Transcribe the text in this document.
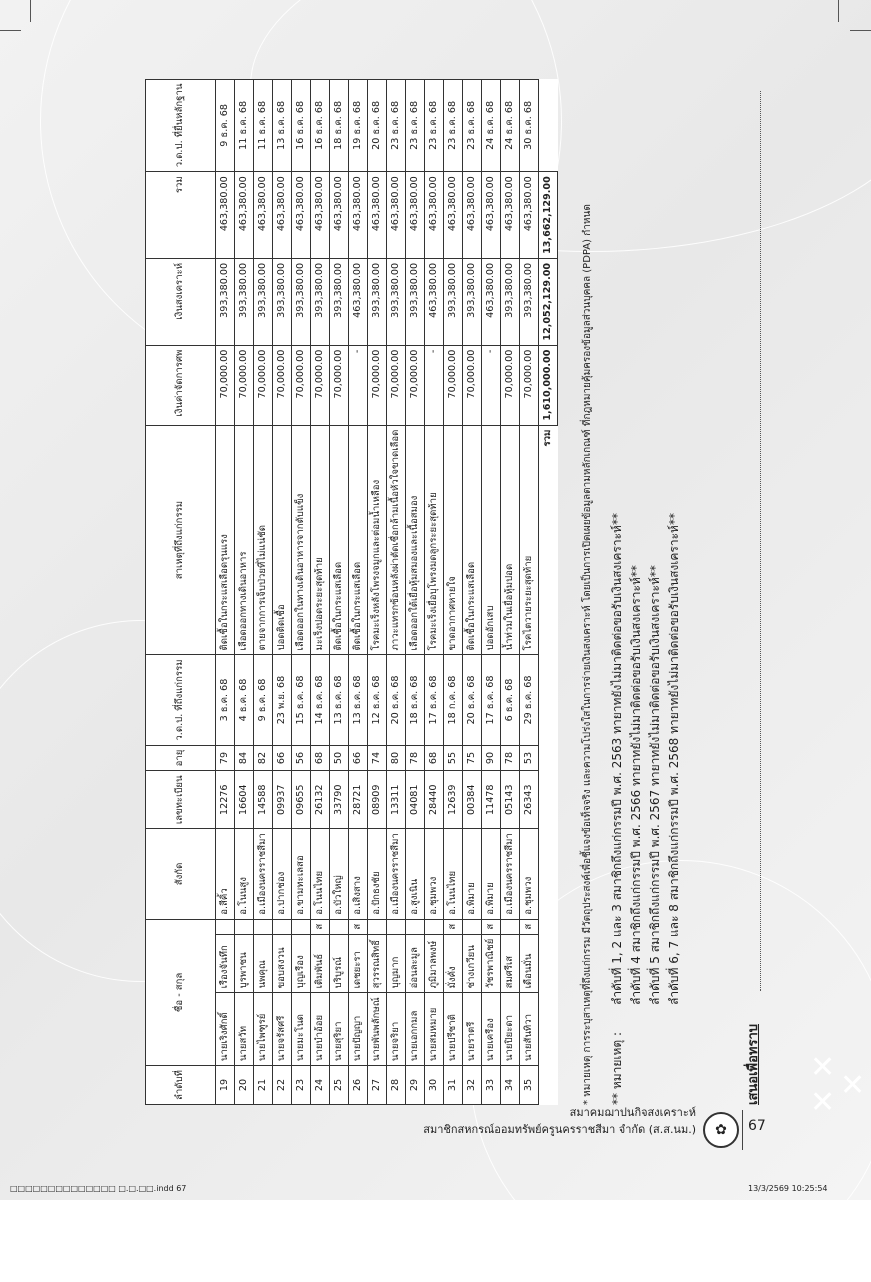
✕
✕ ✕
ลำดับที่	ชื่อ - สกุล			สังกัด	เลขทะเบียน	อายุ	ว.ด.ป. ที่ถึงแก่กรรม	สาเหตุที่ถึงแก่กรรม	เงินค่าจัดการศพ	เงินสงเคราะห์	รวม	ว.ด.ป. ที่ยื่นหลักฐาน
19	นายเริงศักดิ์	เรืองจันทึก		อ.สีคิ้ว	12276	79	3 ธ.ค. 68	ติดเชื้อในกระแสเลือดรุนแรง	70,000.00	393,380.00	463,380.00	9 ธ.ค. 68
20	นายสวัท	บูรพาชน		อ.โนนสูง	16604	84	4 ธ.ค. 68	เลือดออกทางเดินอาหาร	70,000.00	393,380.00	463,380.00	11 ธ.ค. 68
21	นายไพฑูรย์	นพคุณ		อ.เมืองนครราชสีมา	14588	82	9 ธ.ค. 68	ตายจากการเจ็บป่วยที่ไม่แน่ชัด	70,000.00	393,380.00	463,380.00	11 ธ.ค. 68
22	นายจรัสศรี	ขอบสงวน		อ.ปากช่อง	09937	66	23 พ.ย. 68	ปอดติดเชื้อ	70,000.00	393,380.00	463,380.00	13 ธ.ค. 68
23	นายมะโนด	บุญเรือง		อ.ขามทะเลสอ	09655	56	15 ธ.ค. 68	เลือดออกในทางเดินอาหารจากตับแข็ง	70,000.00	393,380.00	463,380.00	16 ธ.ค. 68
24	นายบำอ้อย	เติมพันธ์	ส	อ.โนนไทย	26132	68	14 ธ.ค. 68	มะเร็งปอดระยะสุดท้าย	70,000.00	393,380.00	463,380.00	16 ธ.ค. 68
25	นายสุริยา	บริบูรณ์		อ.บัวใหญ่	33790	50	13 ธ.ค. 68	ติดเชื้อในกระแสเลือด	70,000.00	393,380.00	463,380.00	18 ธ.ค. 68
26	นายปัญญา	เดชยะรา	ส	อ.เสิงสาง	28721	66	13 ธ.ค. 68	ติดเชื้อในกระแสเลือด	-	463,380.00	463,380.00	19 ธ.ค. 68
27	นายพันพลักษณ์	สุวรรณสิทธิ์		อ.ปักธงชัย	08909	74	12 ธ.ค. 68	โรคมะเร็งหลังโพรงจมูกและต่อมน้ำเหลือง	70,000.00	393,380.00	463,380.00	20 ธ.ค. 68
28	นายจริยา	บุญมาก		อ.เมืองนครราชสีมา	13311	80	20 ธ.ค. 68	ภาวะแทรกซ้อนหลังผ่าตัดเชื่อกล้ามเนื้อหัวใจขาดเลือด	70,000.00	393,380.00	463,380.00	23 ธ.ค. 68
29	นายเอกกมล	อ่อนละมูล		อ.สูงเนิน	04081	78	18 ธ.ค. 68	เลือดออกใต้เยื่อหุ้มสมองและเนื้อสมอง	70,000.00	393,380.00	463,380.00	23 ธ.ค. 68
30	นายสมหมาย	ภูมิมาลพงษ์		อ.ชุมพวง	28440	68	17 ธ.ค. 68	โรคมะเร็งเยื่อบุโพรงมดลูกระยะสุดท้าย	-	463,380.00	463,380.00	23 ธ.ค. 68
31	นายปรีชาติ	มั่งคั่ง	ส	อ.โนนไทย	12639	55	18 ก.ค. 68	ขาดอากาศหายใจ	70,000.00	393,380.00	463,380.00	23 ธ.ค. 68
32	นายราตรี	ช่างเกวียน		อ.พิมาย	00384	75	20 ธ.ค. 68	ติดเชื้อในกระแสเลือด	70,000.00	393,380.00	463,380.00	23 ธ.ค. 68
33	นายเครือง	วัชรพาณิชย์	ส	อ.พิมาย	11478	90	17 ธ.ค. 68	ปอดอักเสบ	-	463,380.00	463,380.00	24 ธ.ค. 68
34	นายปิยะดา	สมศรีเส		อ.เมืองนครราชสีมา	05143	78	6 ธ.ค. 68	น้ำท่วมในเยื่อหุ้มปอด	70,000.00	393,380.00	463,380.00	24 ธ.ค. 68
35	นายสันทิวา	เดือนมั่น	ส	อ.ชุมพวง	26343	53	29 ธ.ค. 68	โรคไตวายระยะสุดท้าย	70,000.00	393,380.00	463,380.00	30 ธ.ค. 68
รวม									1,610,000.00	12,052,129.00	13,662,129.00		* หมายเหตุ การระบุสาเหตุที่ถึงแก่กรรม มีวัตถุประสงค์เพื่อชี้แจงข้อเท็จจริง และความโปร่งใสในการจ่ายเงินสงเคราะห์ โดยเป็นการเปิดเผยข้อมูลตามหลักเกณฑ์ ที่กฎหมายคุ้มครองข้อมูลส่วนบุคคล (PDPA) กำหนด ** หมายเหตุ :
ลำดับที่ 1, 2 และ 3 สมาชิกถึงแก่กรรมปี พ.ศ. 2563 ทายาทยังไม่มาติดต่อขอรับเงินสงเคราะห์** ลำดับที่ 4 สมาชิกถึงแก่กรรมปี พ.ศ. 2566 ทายาทยังไม่มาติดต่อขอรับเงินสงเคราะห์** ลำดับที่ 5 สมาชิกถึงแก่กรรมปี พ.ศ. 2567 ทายาทยังไม่มาติดต่อขอรับเงินสงเคราะห์** ลำดับที่ 6, 7 และ 8 สมาชิกถึงแก่กรรมปี พ.ศ. 2568 ทายาทยังไม่มาติดต่อขอรับเงินสงเคราะห์**
เสนอเพื่อทราบ
สมาคมฌาปนกิจสงเคราะห์
สมาชิกสหกรณ์ออมทรัพย์ครูนครราชสีมา จำกัด (ส.ส.นม.)	✿	67
□□□□□□□□□□□□□□ □.□.□□.indd 67	13/3/2569 10:25:54
